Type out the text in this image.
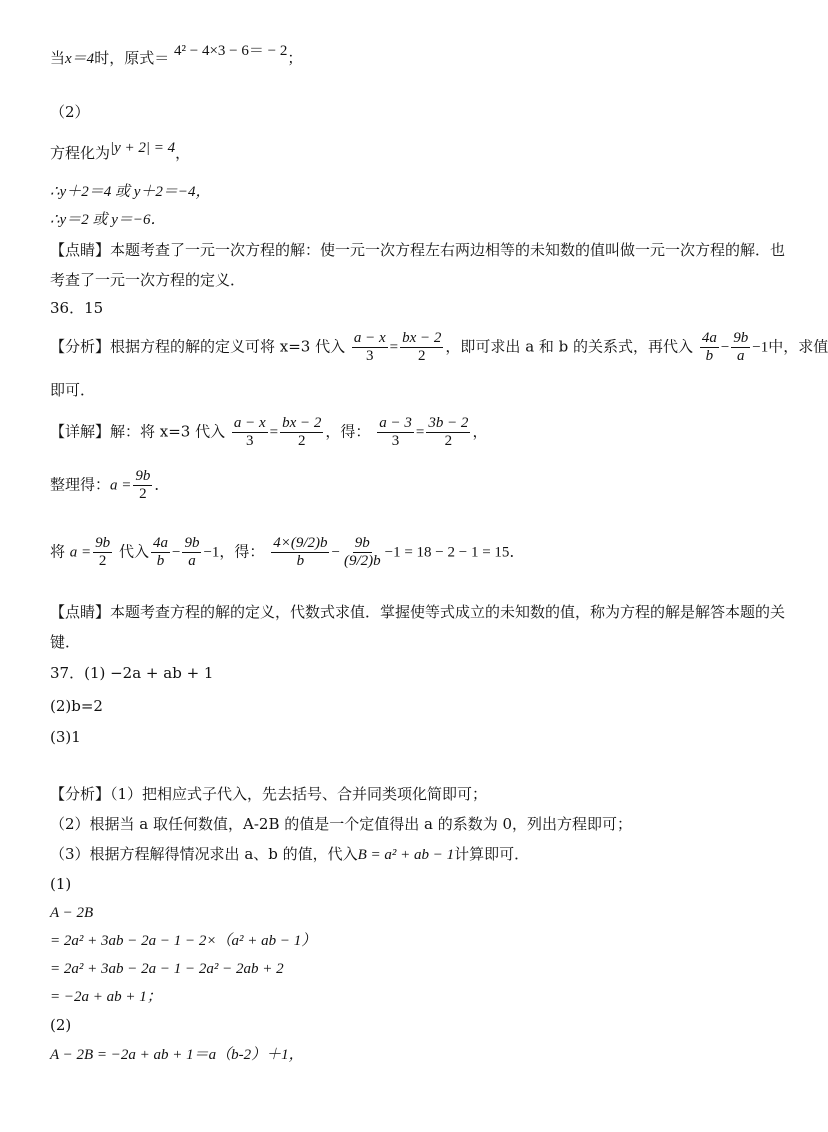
当x＝4时，原式＝ 4² − 4×3 − 6＝ − 2；
（2）
方程化为|y + 2| = 4，
∴y＋2＝4 或 y＋2＝−4，
∴y＝2 或 y＝−6．
【点睛】本题考查了一元一次方程的解：使一元一次方程左右两边相等的未知数的值叫做一元一次方程的解．也
考查了一元一次方程的定义．
36．15
【分析】根据方程的解的定义可将 x=3 代入 $\frac{a - x}{3} = \frac{bx - 2}{2}$ ，即可求出 a 和 b 的关系式，再代入 $\frac{4a}{b} - \frac{9b}{a} -1$中，求值
即可．
【详解】解：将 x=3 代入 $\frac{a - x}{3} = \frac{bx - 2}{2}$ ，得： $\frac{a - 3}{3} = \frac{3b - 2}{2}$ ，
整理得：$a = \frac{9b}{2}$ ．
将 $a = \frac{9b}{2}$ 代入 $\frac{4a}{b} - \frac{9b}{a} -1$，得： $\frac{4\times(9/2)b}{b} - \frac{9b}{(9/2)b} -1 = 18 - 2 - 1 = 15$．
【点睛】本题考查方程的解的定义，代数式求值．掌握使等式成立的未知数的值，称为方程的解是解答本题的关
键．
37．(1) −2a + ab + 1
(2)b=2
(3)1
【分析】（1）把相应式子代入，先去括号、合并同类项化简即可；
（2）根据当 a 取任何数值，A-2B 的值是一个定值得出 a 的系数为 0，列出方程即可；
（3）根据方程解得情况求出 a、b 的值，代入B = a² + ab − 1计算即可．
(1)
A − 2B
= 2a² + 3ab − 2a − 1 − 2×（a² + ab − 1）
= 2a² + 3ab − 2a − 1 − 2a² − 2ab + 2
= −2a + ab + 1；
(2)
A − 2B = −2a + ab + 1＝a（b-2）＋1，
